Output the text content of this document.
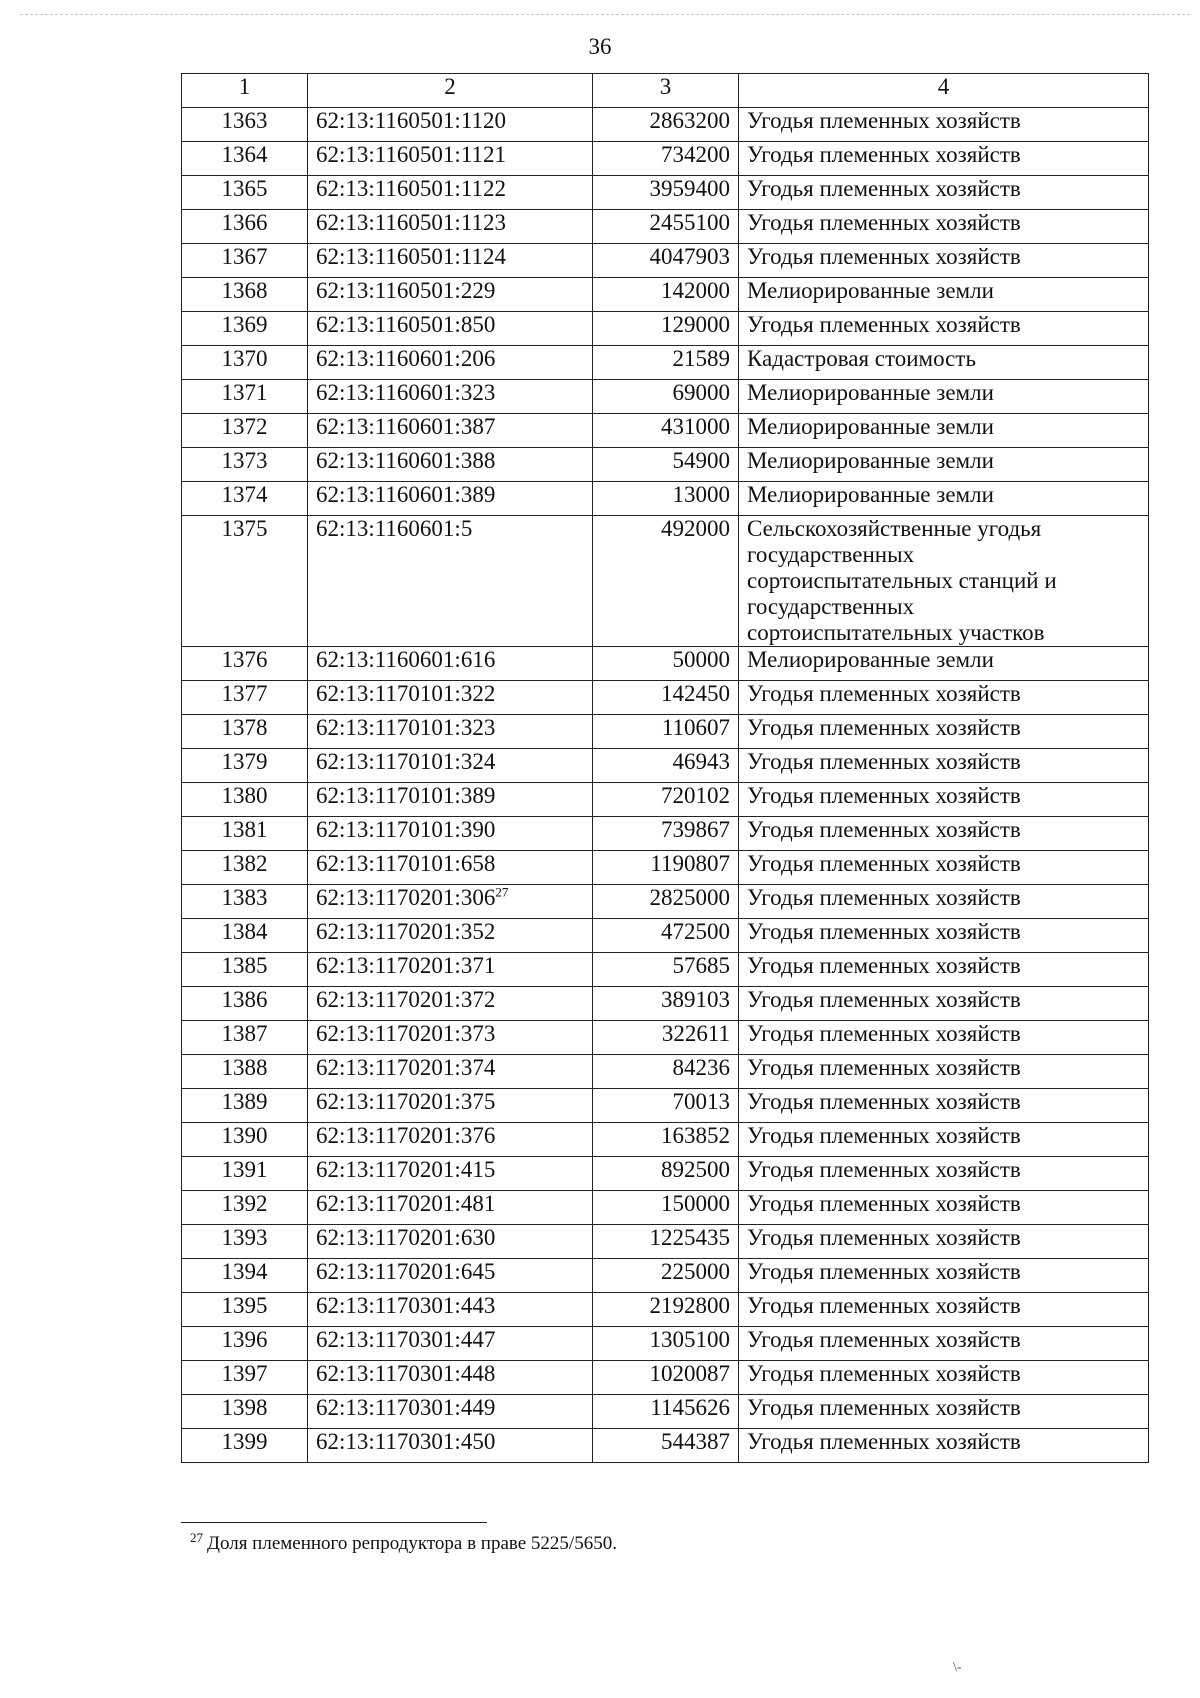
36
1	2	3	4
1363	62:13:1160501:1120	2863200	Угодья племенных хозяйств
1364	62:13:1160501:1121	734200	Угодья племенных хозяйств
1365	62:13:1160501:1122	3959400	Угодья племенных хозяйств
1366	62:13:1160501:1123	2455100	Угодья племенных хозяйств
1367	62:13:1160501:1124	4047903	Угодья племенных хозяйств
1368	62:13:1160501:229	142000	Мелиорированные земли
1369	62:13:1160501:850	129000	Угодья племенных хозяйств
1370	62:13:1160601:206	21589	Кадастровая стоимость
1371	62:13:1160601:323	69000	Мелиорированные земли
1372	62:13:1160601:387	431000	Мелиорированные земли
1373	62:13:1160601:388	54900	Мелиорированные земли
1374	62:13:1160601:389	13000	Мелиорированные земли
1375	62:13:1160601:5	492000	Сельскохозяйственные угодья
государственных
сортоиспытательных станций и
государственных
сортоиспытательных участков
1376	62:13:1160601:616	50000	Мелиорированные земли
1377	62:13:1170101:322	142450	Угодья племенных хозяйств
1378	62:13:1170101:323	110607	Угодья племенных хозяйств
1379	62:13:1170101:324	46943	Угодья племенных хозяйств
1380	62:13:1170101:389	720102	Угодья племенных хозяйств
1381	62:13:1170101:390	739867	Угодья племенных хозяйств
1382	62:13:1170101:658	1190807	Угодья племенных хозяйств
1383	62:13:1170201:306$^{27}$	2825000	Угодья племенных хозяйств
1384	62:13:1170201:352	472500	Угодья племенных хозяйств
1385	62:13:1170201:371	57685	Угодья племенных хозяйств
1386	62:13:1170201:372	389103	Угодья племенных хозяйств
1387	62:13:1170201:373	322611	Угодья племенных хозяйств
1388	62:13:1170201:374	84236	Угодья племенных хозяйств
1389	62:13:1170201:375	70013	Угодья племенных хозяйств
1390	62:13:1170201:376	163852	Угодья племенных хозяйств
1391	62:13:1170201:415	892500	Угодья племенных хозяйств
1392	62:13:1170201:481	150000	Угодья племенных хозяйств
1393	62:13:1170201:630	1225435	Угодья племенных хозяйств
1394	62:13:1170201:645	225000	Угодья племенных хозяйств
1395	62:13:1170301:443	2192800	Угодья племенных хозяйств
1396	62:13:1170301:447	1305100	Угодья племенных хозяйств
1397	62:13:1170301:448	1020087	Угодья племенных хозяйств
1398	62:13:1170301:449	1145626	Угодья племенных хозяйств
1399	62:13:1170301:450	544387	Угодья племенных хозяйств
$^{27}$ Доля племенного репродуктора в праве 5225/5650.
\-
